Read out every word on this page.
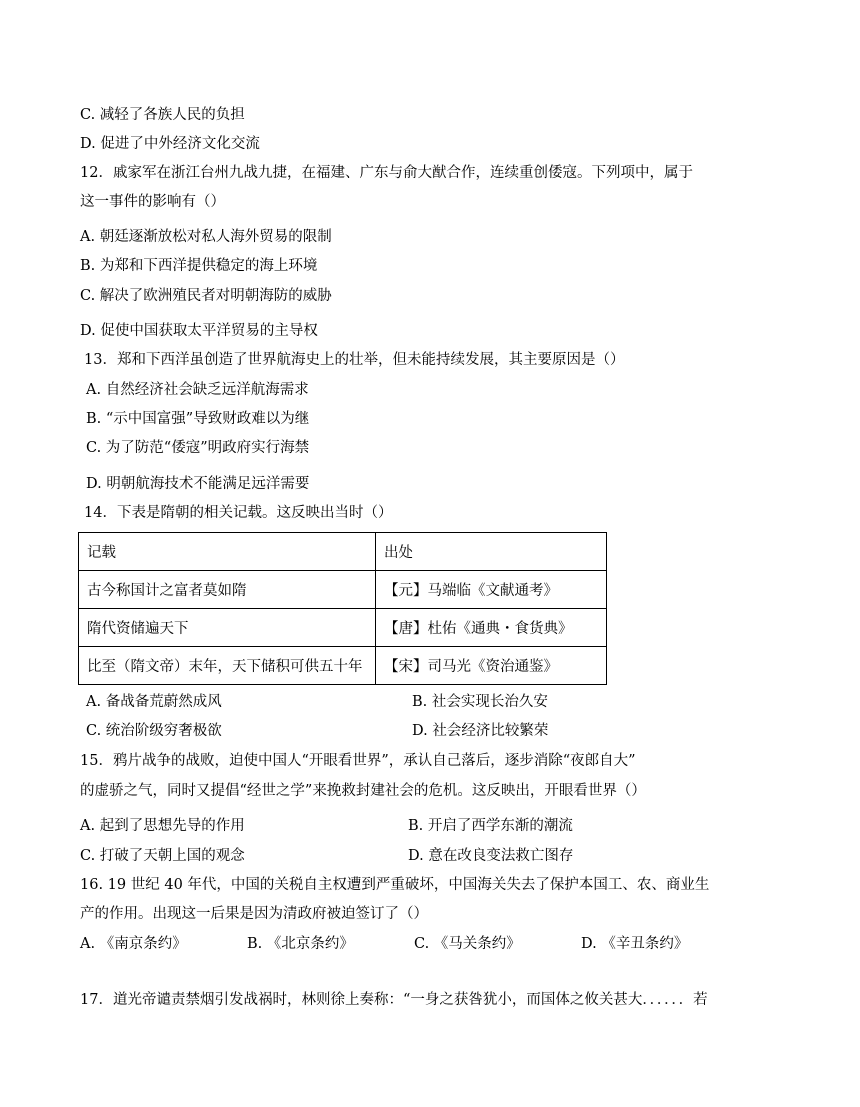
C. 减轻了各族人民的负担
D. 促进了中外经济文化交流
12．戚家军在浙江台州九战九捷，在福建、广东与俞大猷合作，连续重创倭寇。下列项中，属于
这一事件的影响有（）
A. 朝廷逐渐放松对私人海外贸易的限制
B. 为郑和下西洋提供稳定的海上环境
C. 解决了欧洲殖民者对明朝海防的威胁
D. 促使中国获取太平洋贸易的主导权
13．郑和下西洋虽创造了世界航海史上的壮举，但未能持续发展，其主要原因是（）
A. 自然经济社会缺乏远洋航海需求
B. “示中国富强”导致财政难以为继
C. 为了防范“倭寇”明政府实行海禁
D. 明朝航海技术不能满足远洋需要
14．下表是隋朝的相关记载。这反映出当时（）
记载	出处
古今称国计之富者莫如隋	【元】马端临《文献通考》
隋代资储遍天下	【唐】杜佑《通典・食货典》
比至（隋文帝）末年，天下储积可供五十年	【宋】司马光《资治通鉴》
A. 备战备荒蔚然成风	B. 社会实现长治久安
C. 统治阶级穷奢极欲	D. 社会经济比较繁荣
15．鸦片战争的战败，迫使中国人“开眼看世界”，承认自己落后，逐步消除“夜郎自大”
的虚骄之气，同时又提倡“经世之学”来挽救封建社会的危机。这反映出，开眼看世界（）
A. 起到了思想先导的作用	B. 开启了西学东渐的潮流
C. 打破了天朝上国的观念	D. 意在改良变法救亡图存
16. 19 世纪 40 年代，中国的关税自主权遭到严重破坏，中国海关失去了保护本国工、农、商业生
产的作用。出现这一后果是因为清政府被迫签订了（）
A. 《南京条约》	B. 《北京条约》	C. 《马关条约》	D. 《辛丑条约》
17．道光帝谴责禁烟引发战祸时，林则徐上奏称：“一身之获咎犹小，而国体之攸关甚大．．．．．．若
